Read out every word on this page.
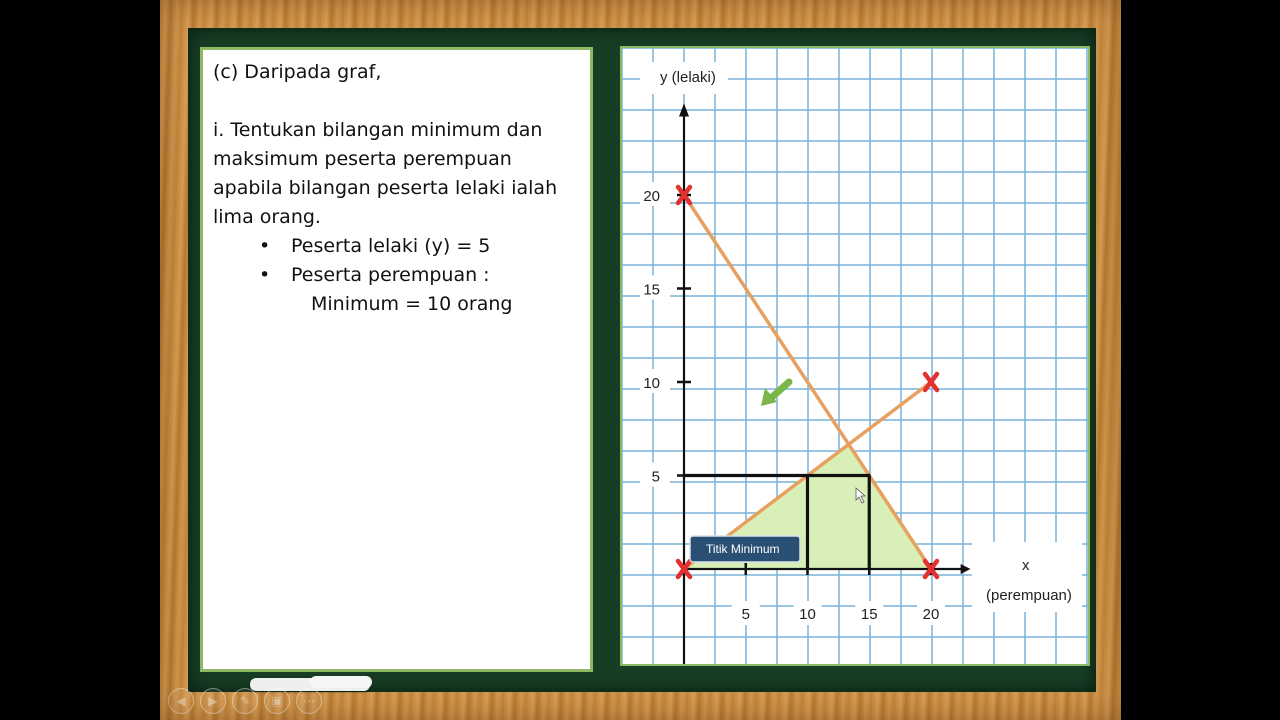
(c) Daripada graf,

i. Tentukan bilangan minimum dan

maksimum peserta perempuan

apabila bilangan peserta lelaki ialah

lima orang.

• Peserta lelaki (y) = 5

• Peserta perempuan :

Minimum = 10 orang

y (lelaki)
x
(perempuan)
5
10
15
20
5	10	15	20
Titik Minimum
◀	▶	✎	▣	⋯
